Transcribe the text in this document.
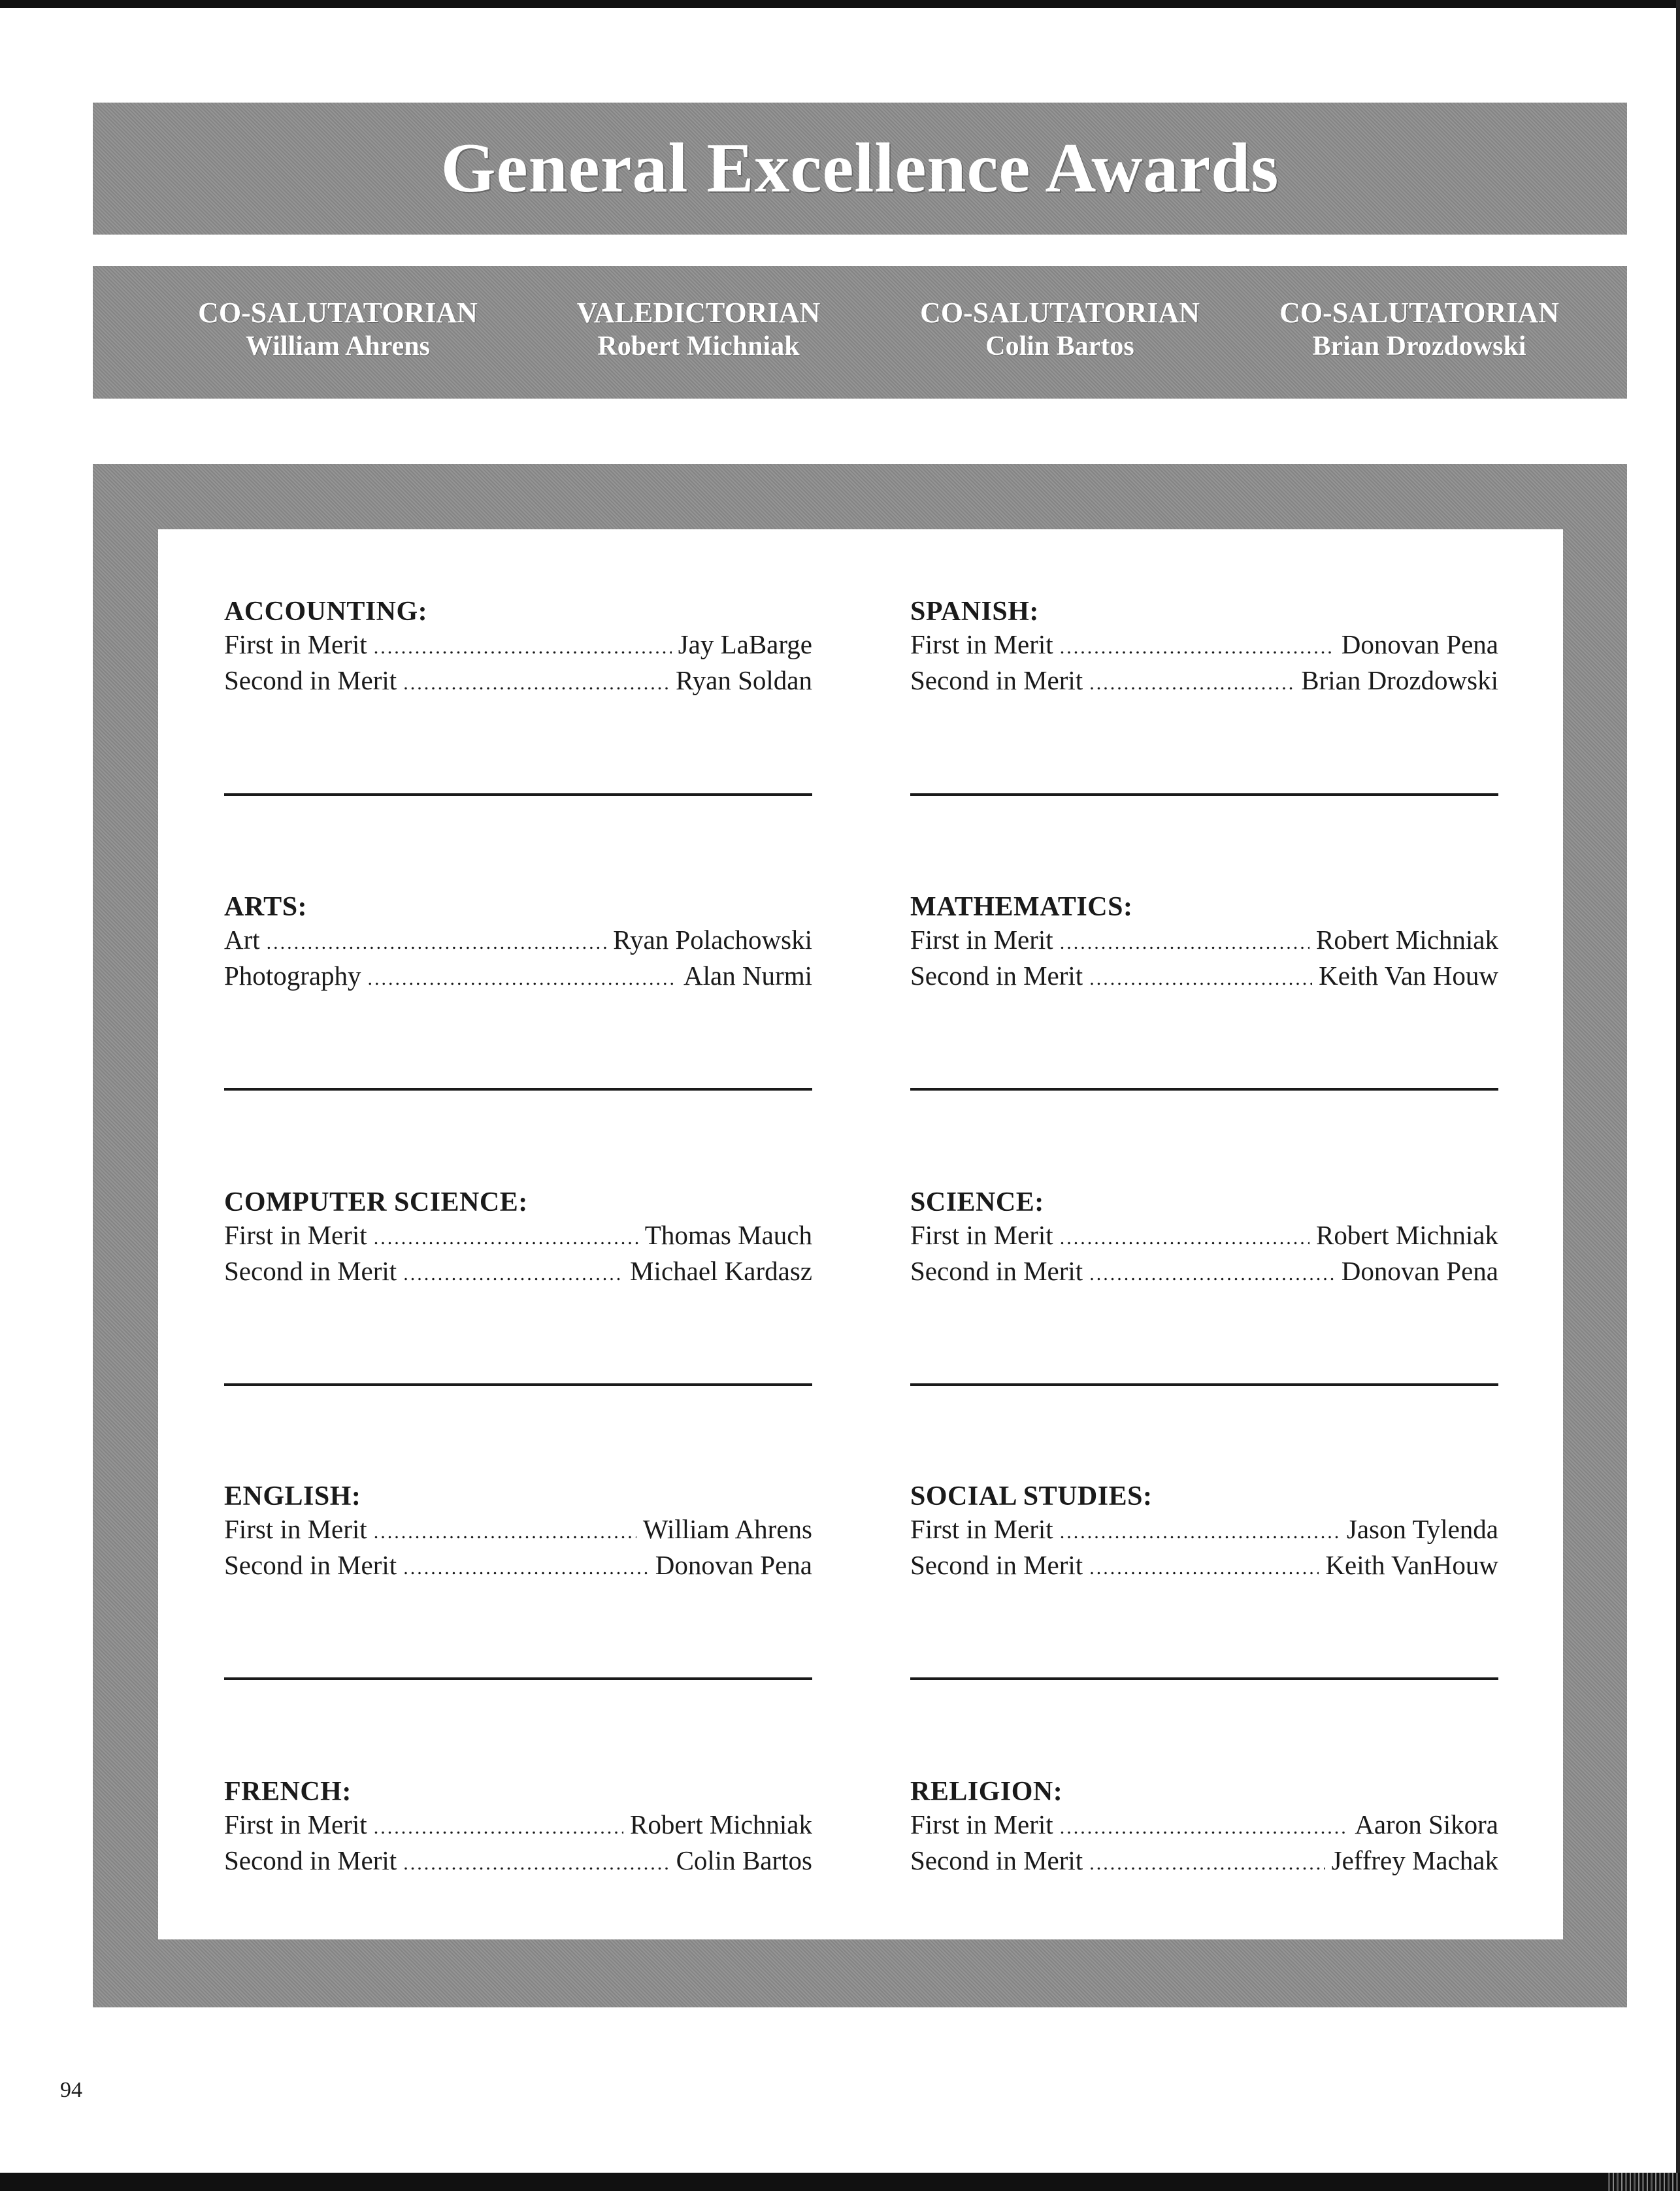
General Excellence Awards
CO-SALUTATORIAN
William Ahrens
VALEDICTORIAN
Robert Michniak
CO-SALUTATORIAN
Colin Bartos
CO-SALUTATORIAN
Brian Drozdowski

ACCOUNTING:

First in Merit .....	Jay LaBarge
Second in Merit .....	Ryan Soldan

SPANISH:

First in Merit .....	Donovan Pena
Second in Merit .....	Brian Drozdowski

ARTS:

Art .....	Ryan Polachowski
Photography .....	Alan Nurmi

MATHEMATICS:

First in Merit .....	Robert Michniak
Second in Merit .....	Keith Van Houw

COMPUTER SCIENCE:

First in Merit .....	Thomas Mauch
Second in Merit .....	Michael Kardasz

SCIENCE:

First in Merit .....	Robert Michniak
Second in Merit .....	Donovan Pena

ENGLISH:

First in Merit .....	William Ahrens
Second in Merit .....	Donovan Pena

SOCIAL STUDIES:

First in Merit .....	Jason Tylenda
Second in Merit .....	Keith VanHouw

FRENCH:

First in Merit .....	Robert Michniak
Second in Merit .....	Colin Bartos

RELIGION:

First in Merit .....	Aaron Sikora
Second in Merit .....	Jeffrey Machak
94
